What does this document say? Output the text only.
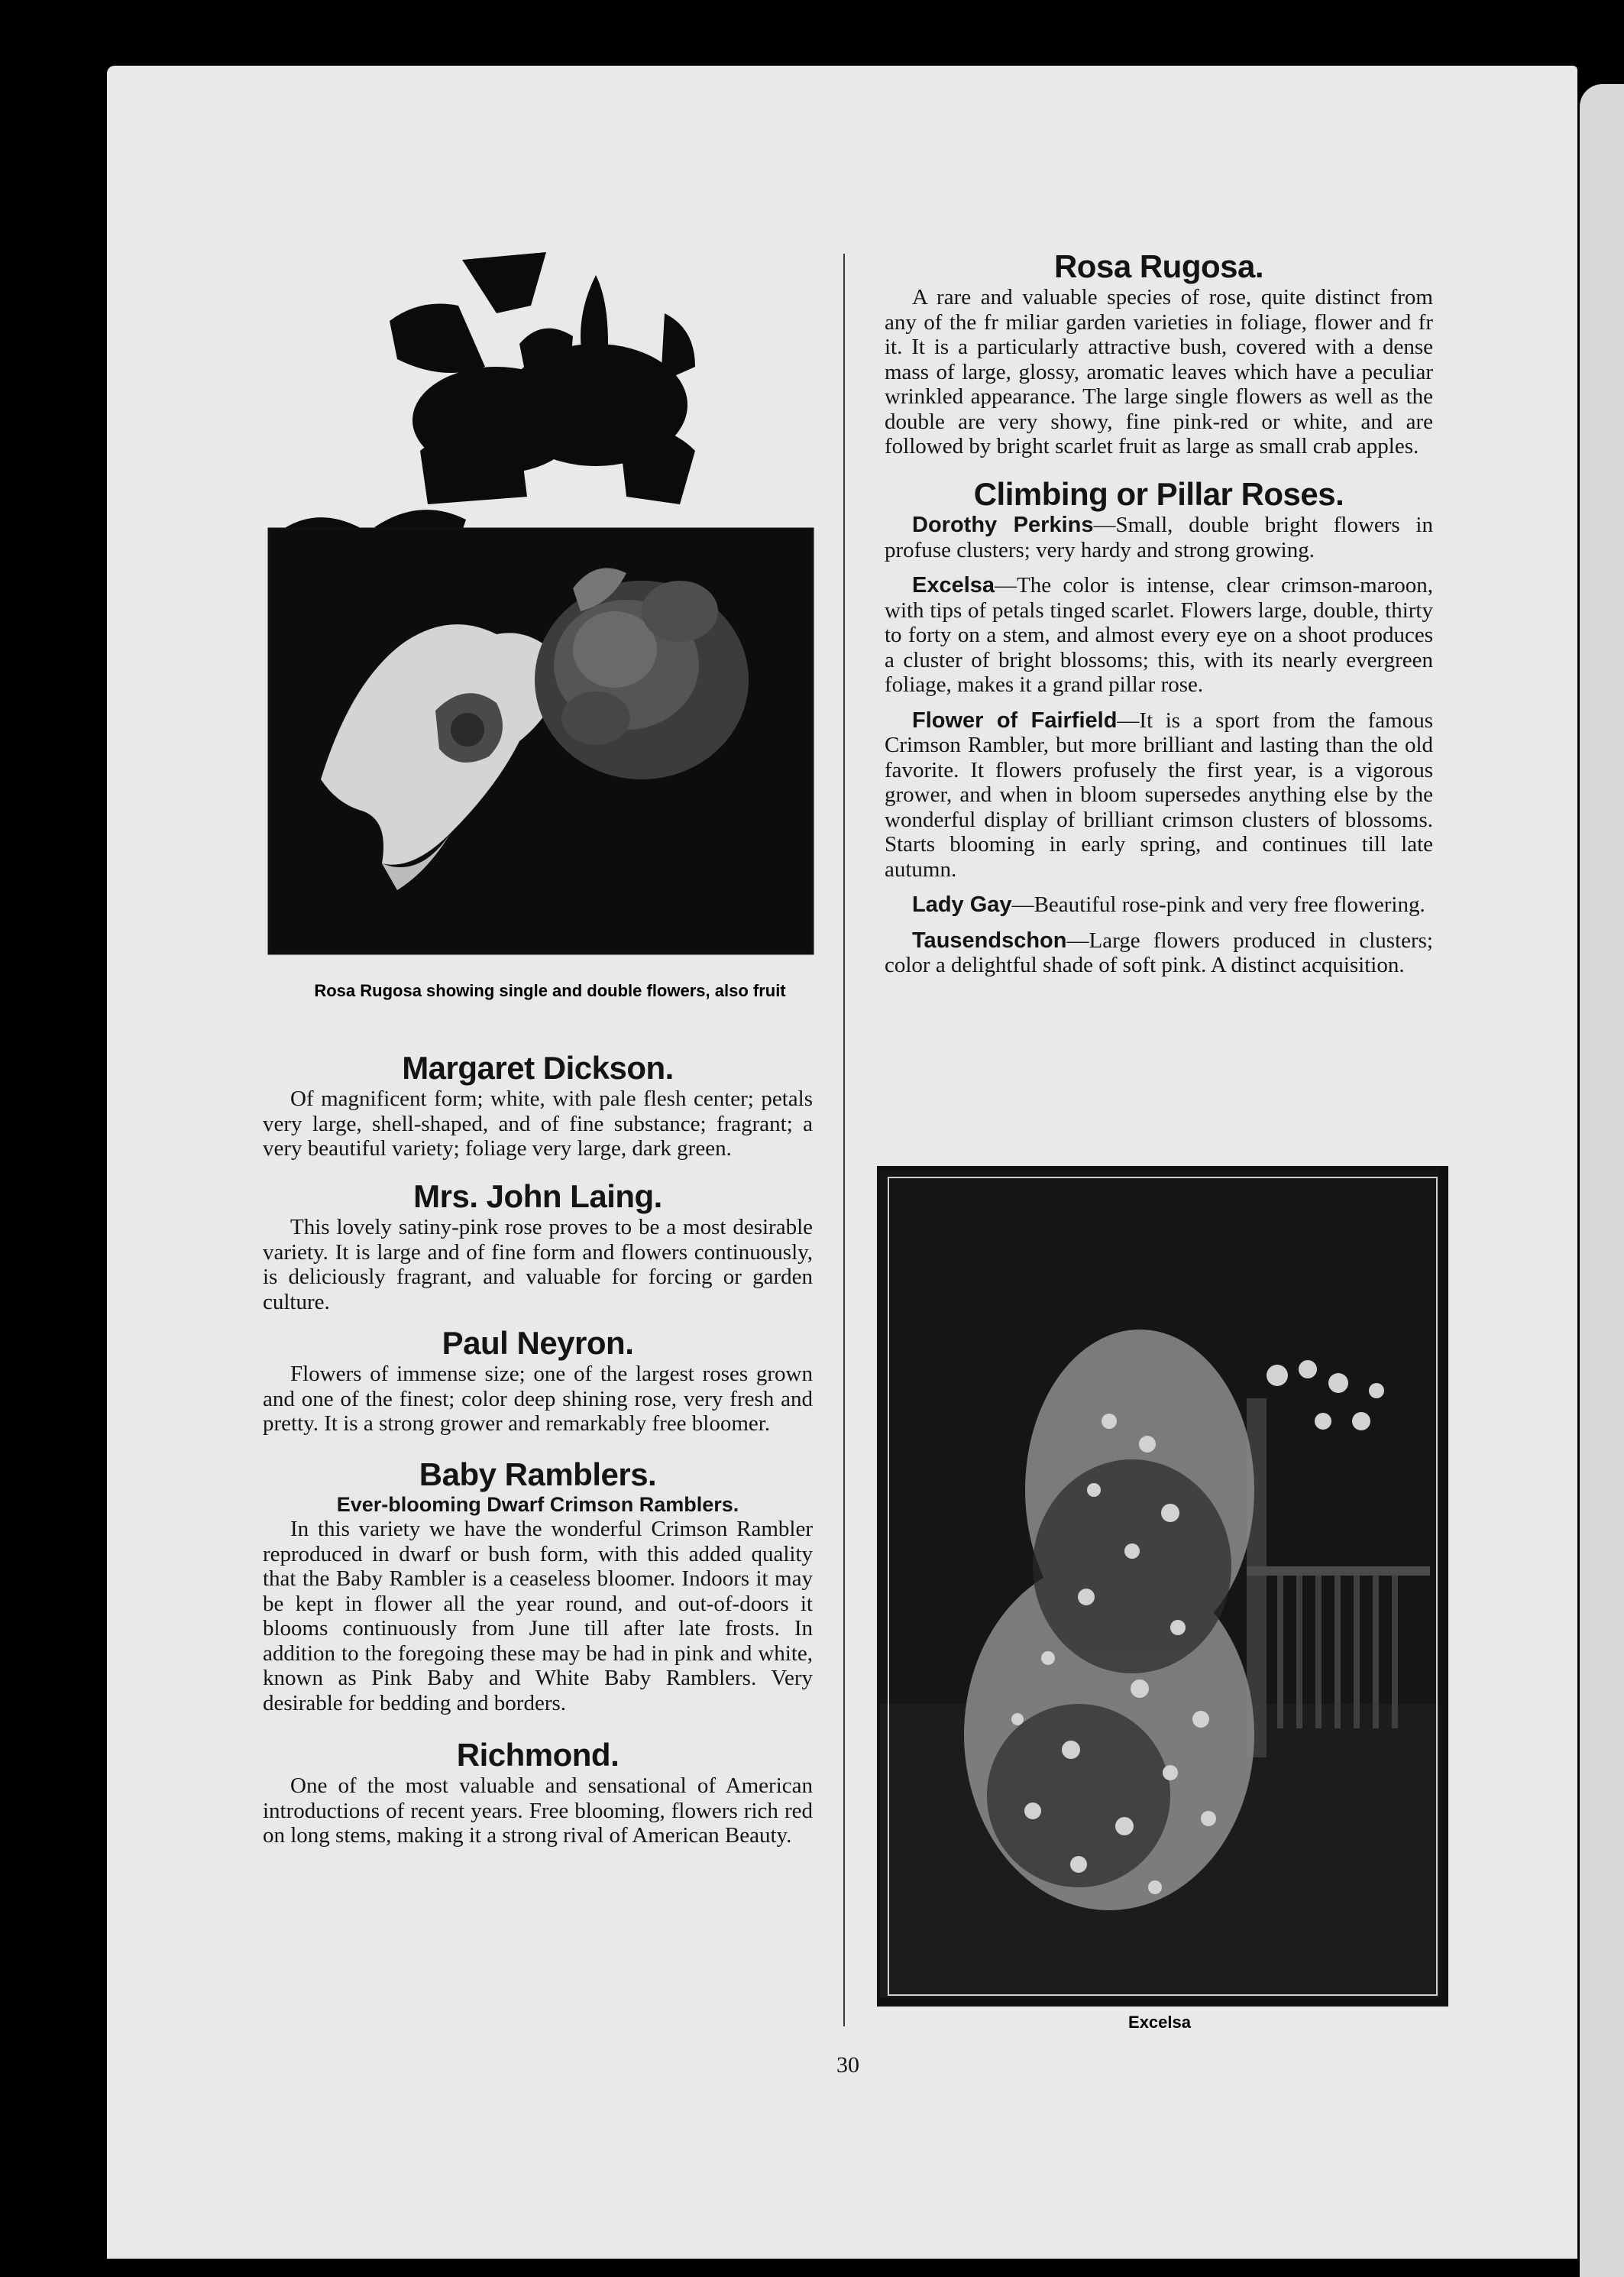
Rosa Rugosa showing single and double flowers, also fruit
Margaret Dickson.

Of magnificent form; white, with pale flesh center; petals very large, shell-shaped, and of fine substance; fragrant; a very beautiful variety; foliage very large, dark green.

Mrs. John Laing.

This lovely satiny-pink rose proves to be a most desirable variety. It is large and of fine form and flowers continuously, is deliciously fragrant, and valuable for forcing or garden culture.

Paul Neyron.

Flowers of immense size; one of the largest roses grown and one of the finest; color deep shining rose, very fresh and pretty. It is a strong grower and remarkably free bloomer.

Baby Ramblers.
Ever-blooming Dwarf Crimson Ramblers.

In this variety we have the wonderful Crimson Rambler reproduced in dwarf or bush form, with this added quality that the Baby Rambler is a ceaseless bloomer. Indoors it may be kept in flower all the year round, and out-of-doors it blooms continuously from June till after late frosts. In addition to the foregoing these may be had in pink and white, known as Pink Baby and White Baby Ramblers. Very desirable for bedding and borders.

Richmond.

One of the most valuable and sensational of American introductions of recent years. Free blooming, flowers rich red on long stems, making it a strong rival of American Beauty.

Rosa Rugosa.

A rare and valuable species of rose, quite distinct from any of the fr miliar garden varieties in foliage, flower and fr it. It is a particularly attractive bush, covered with a dense mass of large, glossy, aromatic leaves which have a peculiar wrinkled appearance. The large single flowers as well as the double are very showy, fine pink-red or white, and are followed by bright scarlet fruit as large as small crab apples.

Climbing or Pillar Roses.
Dorothy Perkins—Small, double bright flowers in profuse clusters; very hardy and strong growing.
Excelsa—The color is intense, clear crimson-maroon, with tips of petals tinged scarlet. Flowers large, double, thirty to forty on a stem, and almost every eye on a shoot produces a cluster of bright blossoms; this, with its nearly evergreen foliage, makes it a grand pillar rose.
Flower of Fairfield—It is a sport from the famous Crimson Rambler, but more brilliant and lasting than the old favorite. It flowers profusely the first year, is a vigorous grower, and when in bloom supersedes anything else by the wonderful display of brilliant crimson clusters of blossoms. Starts blooming in early spring, and continues till late autumn.
Lady Gay—Beautiful rose-pink and very free flowering.
Tausendschon—Large flowers produced in clusters; color a delightful shade of soft pink. A distinct acquisition.
Excelsa
30
